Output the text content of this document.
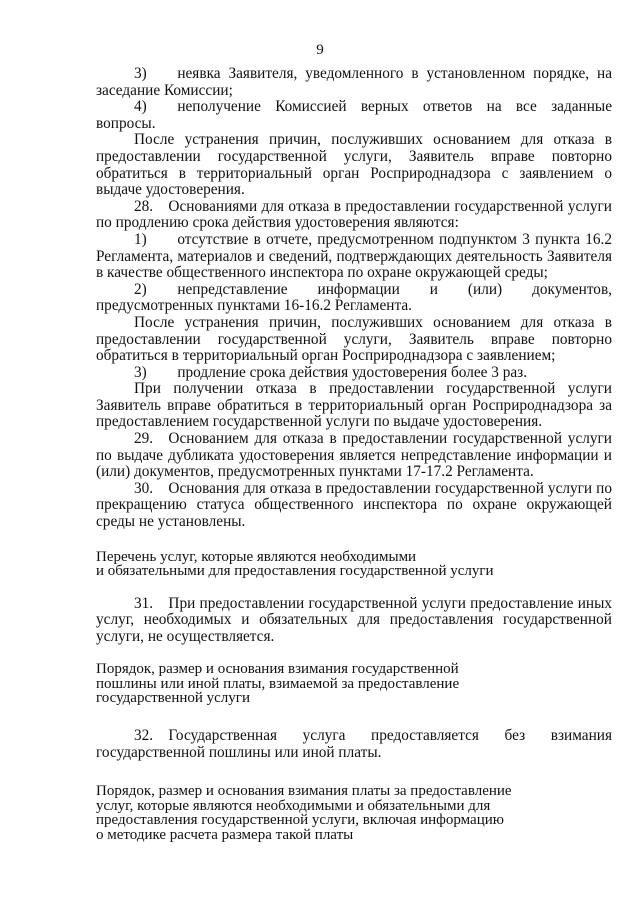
9

3)  неявка Заявителя, уведомленного в установленном порядке, на заседание Комиссии;

4)  неполучение Комиссией верных ответов на все заданные вопросы.

После устранения причин, послуживших основанием для отказа в предоставлении государственной услуги, Заявитель вправе повторно обратиться в территориальный орган Росприроднадзора с заявлением о выдаче удостоверения.

28. Основаниями для отказа в предоставлении государственной услуги по продлению срока действия удостоверения являются:

1)  отсутствие в отчете, предусмотренном подпунктом 3 пункта 16.2 Регламента, материалов и сведений, подтверждающих деятельность Заявителя в качестве общественного инспектора по охране окружающей среды;

2)  непредставление информации и (или) документов, предусмотренных пунктами 16-16.2 Регламента.

После устранения причин, послуживших основанием для отказа в предоставлении государственной услуги, Заявитель вправе повторно обратиться в территориальный орган Росприроднадзора с заявлением;

3)  продление срока действия удостоверения более 3 раз.

При получении отказа в предоставлении государственной услуги Заявитель вправе обратиться в территориальный орган Росприроднадзора за предоставлением государственной услуги по выдаче удостоверения.

29. Основанием для отказа в предоставлении государственной услуги по выдаче дубликата удостоверения является непредставление информации и (или) документов, предусмотренных пунктами 17-17.2 Регламента.

30. Основания для отказа в предоставлении государственной услуги по прекращению статуса общественного инспектора по охране окружающей среды не установлены.

Перечень услуг, которые являются необходимыми
и обязательными для предоставления государственной услуги

31. При предоставлении государственной услуги предоставление иных услуг, необходимых и обязательных для предоставления государственной услуги, не осуществляется.

Порядок, размер и основания взимания государственной
пошлины или иной платы, взимаемой за предоставление
государственной услуги

32. Государственная услуга предоставляется без взимания государственной пошлины или иной платы.

Порядок, размер и основания взимания платы за предоставление
услуг, которые являются необходимыми и обязательными для
предоставления государственной услуги, включая информацию
о методике расчета размера такой платы
